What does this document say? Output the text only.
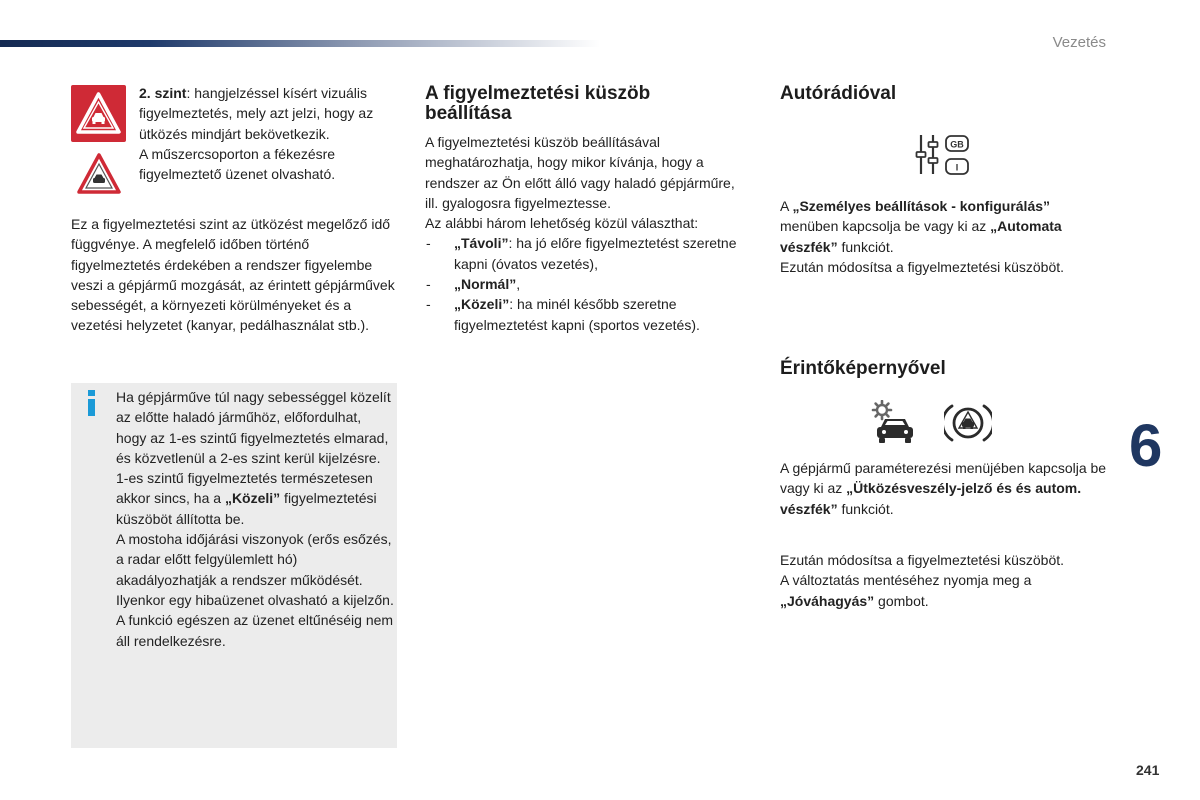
Vezetés

2. szint: hangjelzéssel kísért vizuális figyelmeztetés, mely azt jelzi, hogy az ütközés mindjárt bekövetkezik.
A műszercsoporton a fékezésre figyelmeztető üzenet olvasható.

Ez a figyelmeztetési szint az ütközést megelőző idő függvénye. A megfelelő időben történő figyelmeztetés érdekében a rendszer figyelembe veszi a gépjármű mozgását, az érintett gépjárművek sebességét, a környezeti körülményeket és a vezetési helyzetet (kanyar, pedálhasználat stb.).

Ha gépjárműve túl nagy sebességgel közelít az előtte haladó járműhöz, előfordulhat, hogy az 1-es szintű figyelmeztetés elmarad, és közvetlenül a 2-es szint kerül kijelzésre.

1-es szintű figyelmeztetés természetesen akkor sincs, ha a „Közeli” figyelmeztetési küszöböt állította be.

A mostoha időjárási viszonyok (erős esőzés, a radar előtt felgyülemlett hó) akadályozhatják a rendszer működését. Ilyenkor egy hibaüzenet olvasható a kijelzőn. A funkció egészen az üzenet eltűnéséig nem áll rendelkezésre.

A figyelmeztetési küszöb beállítása

A figyelmeztetési küszöb beállításával meghatározhatja, hogy mikor kívánja, hogy a rendszer az Ön előtt álló vagy haladó gépjárműre, ill. gyalogosra figyelmeztesse.

Az alábbi három lehetőség közül választhat:

- „Távoli”: ha jó előre figyelmeztetést szeretne kapni (óvatos vezetés),
- „Normál”,
- „Közeli”: ha minél később szeretne figyelmeztetést kapni (sportos vezetés).
Autórádióval
GB
I

A „Személyes beállítások - konfigurálás” menüben kapcsolja be vagy ki az „Automata vészfék” funkciót.
Ezután módosítsa a figyelmeztetési küszöböt.

Érintőképernyővel

A gépjármű paraméterezési menüjében kapcsolja be vagy ki az „Ütközésveszély-jelző és és autom. vészfék” funkciót.

Ezután módosítsa a figyelmeztetési küszöböt.
A változtatás mentéséhez nyomja meg a „Jóváhagyás” gombot.

6
241
